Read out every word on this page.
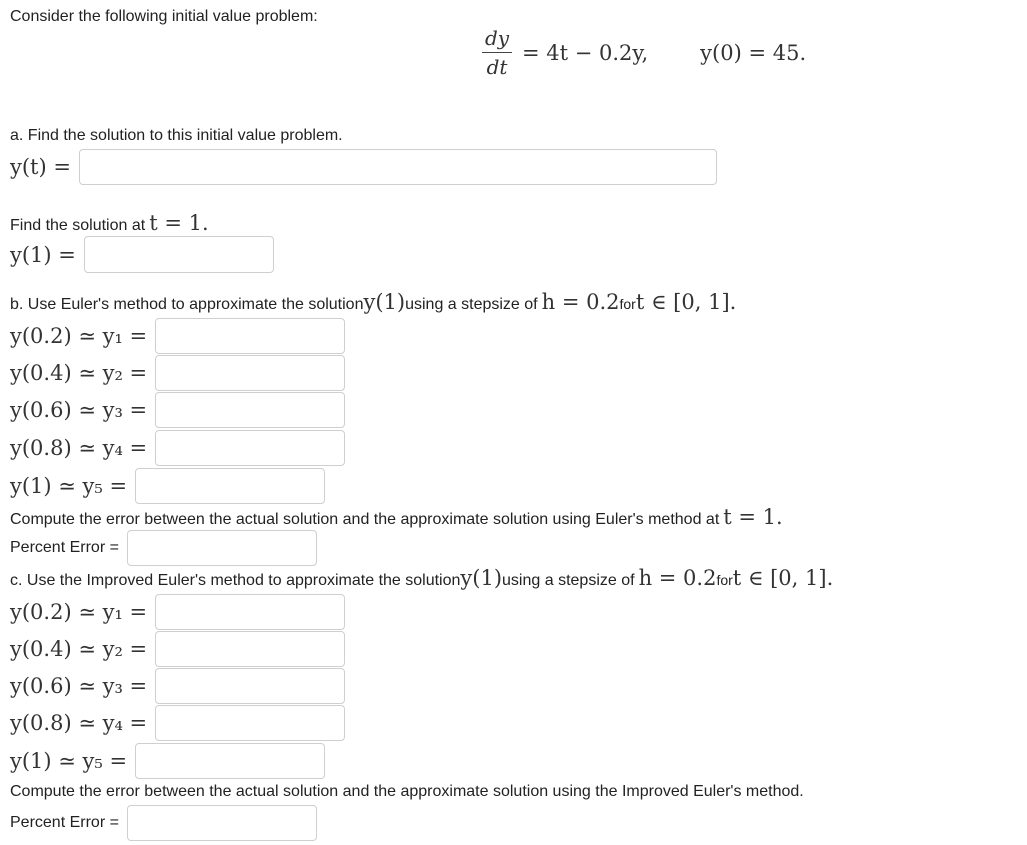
Consider the following initial value problem:
$\frac{dy}{dt} = 4t - 0.2y$, y(0) = 45.
a. Find the solution to this initial value problem.
y(t) =
Find the solution at t = 1.
y(1) =
b. Use Euler's method to approximate the solution y(1) using a stepsize of h = 0.2 for t ∈ [0, 1].
y(0.2) ≃ y₁ =
y(0.4) ≃ y₂ =
y(0.6) ≃ y₃ =
y(0.8) ≃ y₄ =
y(1) ≃ y₅ =
Compute the error between the actual solution and the approximate solution using Euler's method at t = 1.
Percent Error =
c. Use the Improved Euler's method to approximate the solution y(1) using a stepsize of h = 0.2 for t ∈ [0, 1].
y(0.2) ≃ y₁ =
y(0.4) ≃ y₂ =
y(0.6) ≃ y₃ =
y(0.8) ≃ y₄ =
y(1) ≃ y₅ =
Compute the error between the actual solution and the approximate solution using the Improved Euler's method.
Percent Error =
